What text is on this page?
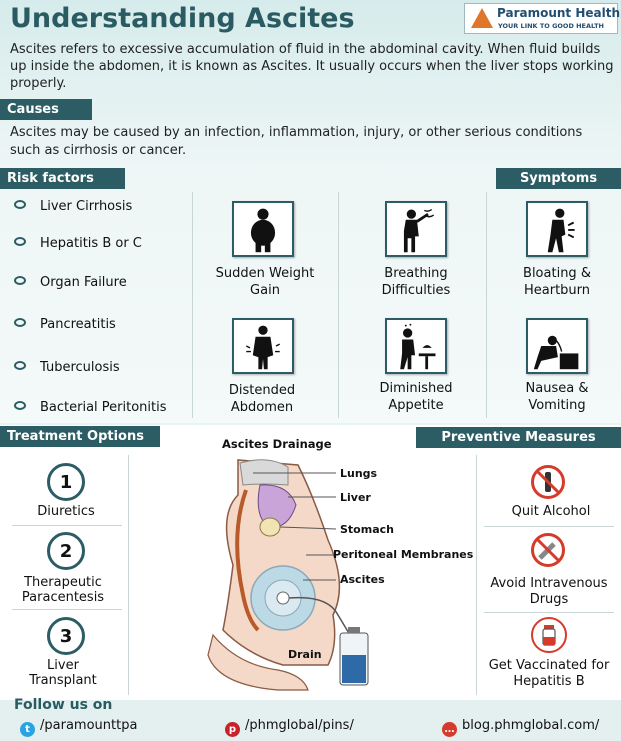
Understanding Ascites	Paramount Health
YOUR LINK TO GOOD HEALTH
Ascites refers to excessive accumulation of fluid in the abdominal cavity. When fluid builds up inside the abdomen, it is known as Ascites. It usually occurs when the liver stops working properly.
Causes
Ascites may be caused by an infection, inflammation, injury, or other serious conditions such as cirrhosis or cancer.
Risk factors	Symptoms
Liver Cirrhosis
Hepatitis B or C
Organ Failure
Pancreatitis
Tuberculosis
Bacterial Peritonitis
Sudden Weight
Gain
Breathing
Difficulties
Bloating &
Heartburn
Distended
Abdomen
Diminished
Appetite
Nausea &
Vomiting
Treatment Options	Preventive Measures
1
Diuretics
2
Therapeutic
Paracentesis
3
Liver
Transplant
Ascites Drainage
Lungs
Liver
Stomach
Peritoneal Membranes
Ascites
Drain
Quit Alcohol
Avoid Intravenous
Drugs
Get Vaccinated for
Hepatitis B
Follow us on
t /paramounttpa	p /phmglobal/pins/	… blog.phmglobal.com/
